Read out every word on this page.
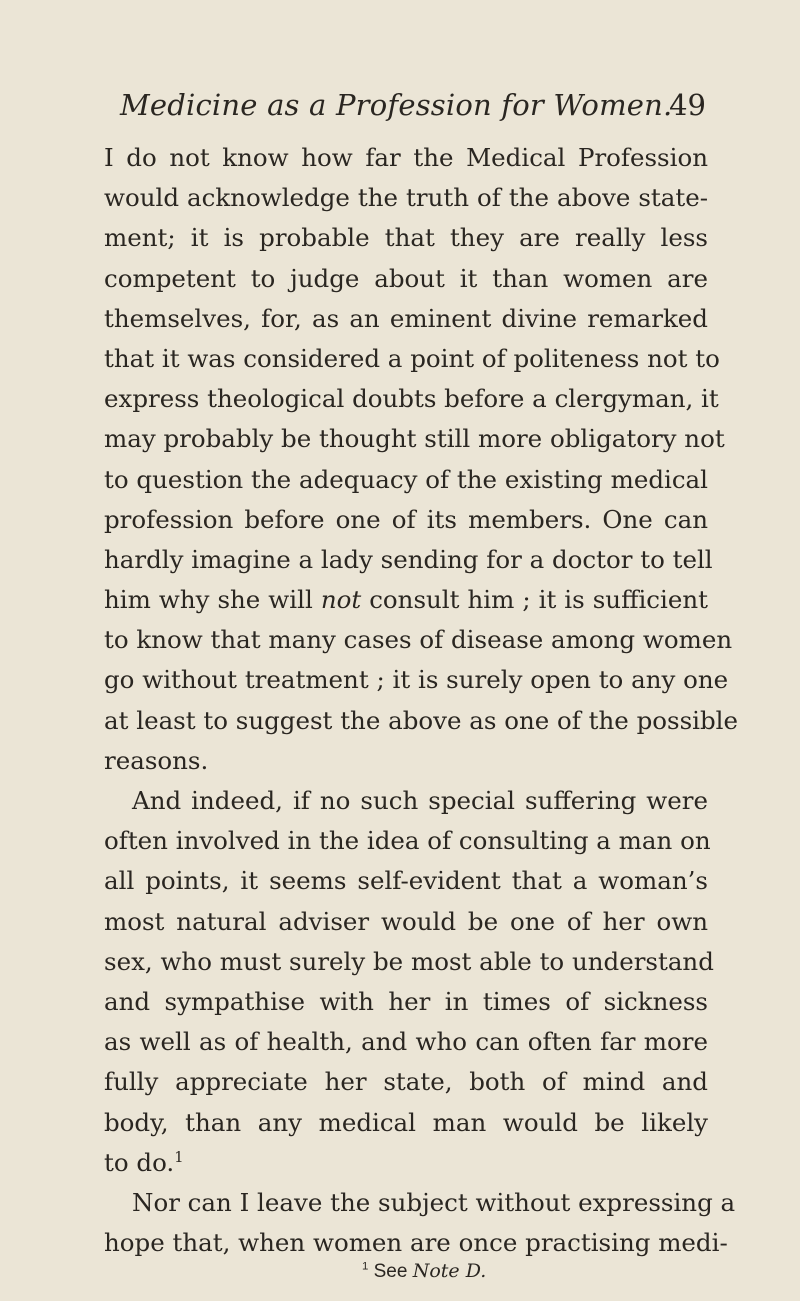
Medicine as a Profession for Women.
49
I do not know how far the Medical Profession
would acknowledge the truth of the above state-
ment; it is probable that they are really less
competent to judge about it than women are
themselves, for, as an eminent divine remarked
that it was considered a point of politeness not to
express theological doubts before a clergyman, it
may probably be thought still more obligatory not
to question the adequacy of the existing medical
profession before one of its members. One can
hardly imagine a lady sending for a doctor to tell
him why she will not consult him ; it is sufficient
to know that many cases of disease among women
go without treatment ; it is surely open to any one
at least to suggest the above as one of the possible
reasons.
And indeed, if no such special suffering were
often involved in the idea of consulting a man on
all points, it seems self-evident that a woman’s
most natural adviser would be one of her own
sex, who must surely be most able to understand
and sympathise with her in times of sickness
as well as of health, and who can often far more
fully appreciate her state, both of mind and
body, than any medical man would be likely
to do.$^1$
Nor can I leave the subject without expressing a
hope that, when women are once practising medi-
$^1$ See Note D.
